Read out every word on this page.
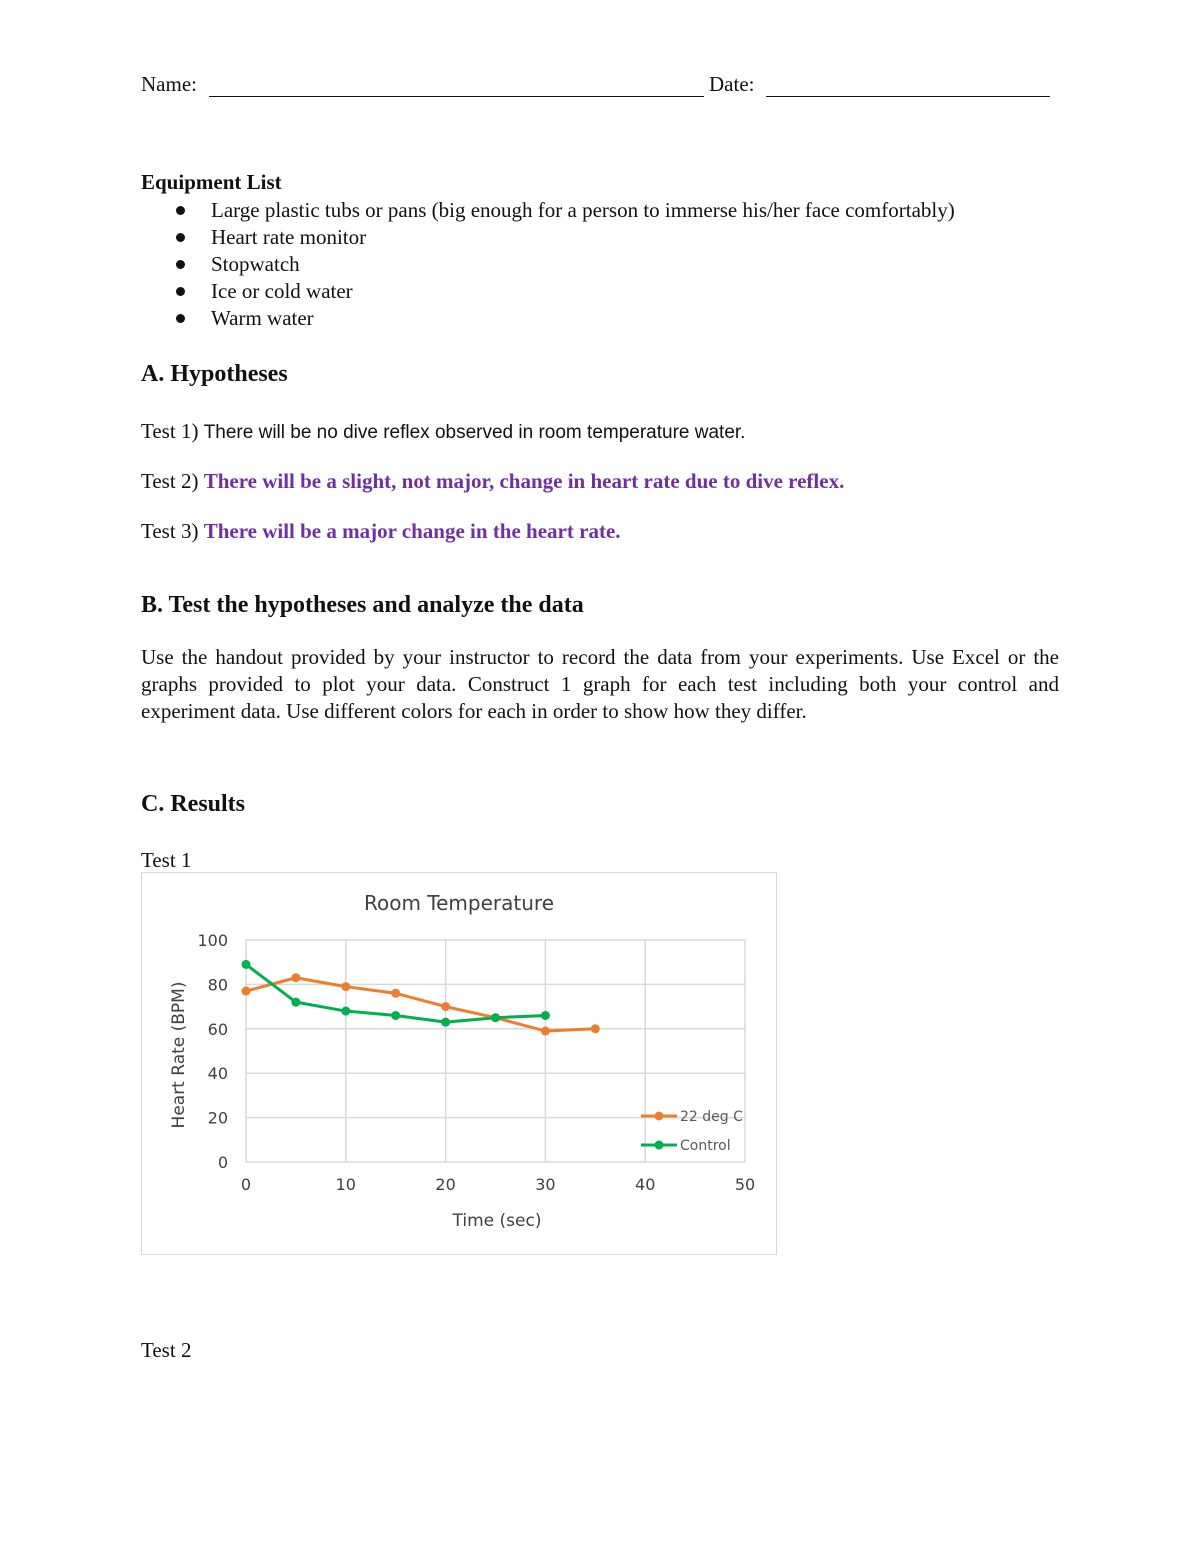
Name:	Date:
Equipment List
Large plastic tubs or pans (big enough for a person to immerse his/her face comfortably)
Heart rate monitor
Stopwatch
Ice or cold water
Warm water
A. Hypotheses
Test 1) There will be no dive reflex observed in room temperature water.
Test 2) There will be a slight, not major, change in heart rate due to dive reflex.
Test 3) There will be a major change in the heart rate.
B. Test the hypotheses and analyze the data
Use the handout provided by your instructor to record the data from your experiments. Use Excel or the graphs provided to plot your data. Construct 1 graph for each test including both your control and experiment data. Use different colors for each in order to show how they differ.
C. Results
Test 1
Test 2
Room Temperature
0
20
40
60
80
100
0	10	20	30	40	50
22 deg C
Control
Time (sec)
Heart Rate (BPM)
